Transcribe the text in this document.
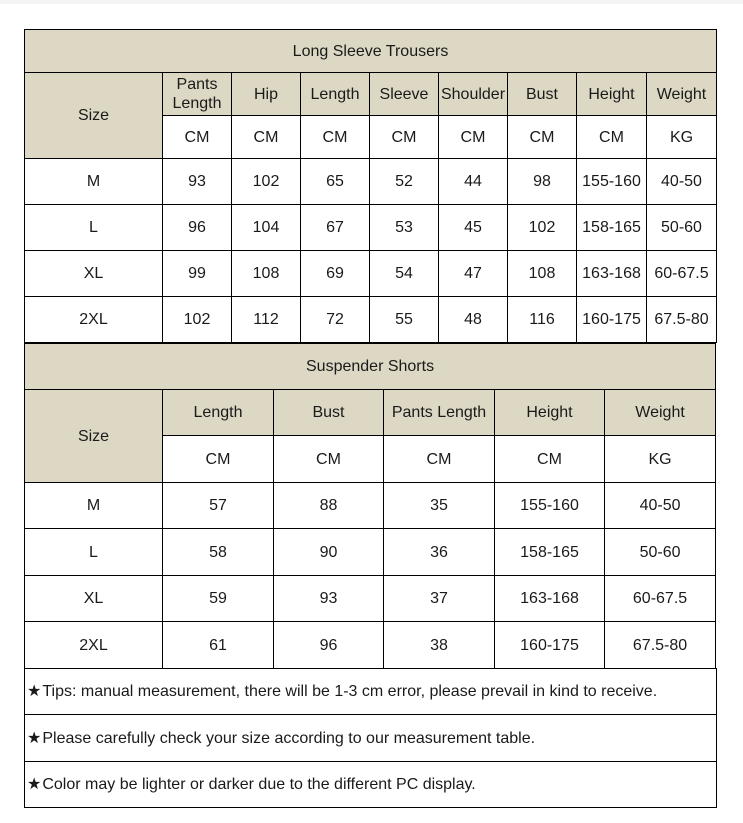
Long Sleeve Trousers								
Size	Pants Length	Hip	Length	Sleeve	Shoulder	Bust	Height	Weight
	CM	CM	CM	CM	CM	CM	CM	KG
M	93	102	65	52	44	98	155-160	40-50
L	96	104	67	53	45	102	158-165	50-60
XL	99	108	69	54	47	108	163-168	60-67.5
2XL	102	112	72	55	48	116	160-175	67.5-80
Suspender Shorts					
Size	Length	Bust	Pants Length	Height	Weight
	CM	CM	CM	CM	KG
M	57	88	35	155-160	40-50
L	58	90	36	158-165	50-60
XL	59	93	37	163-168	60-67.5
2XL	61	96	38	160-175	67.5-80
★Tips: manual measurement, there will be 1-3 cm error, please prevail in kind to receive.
★Please carefully check your size according to our measurement table.
★Color may be lighter or darker due to the different PC display.
